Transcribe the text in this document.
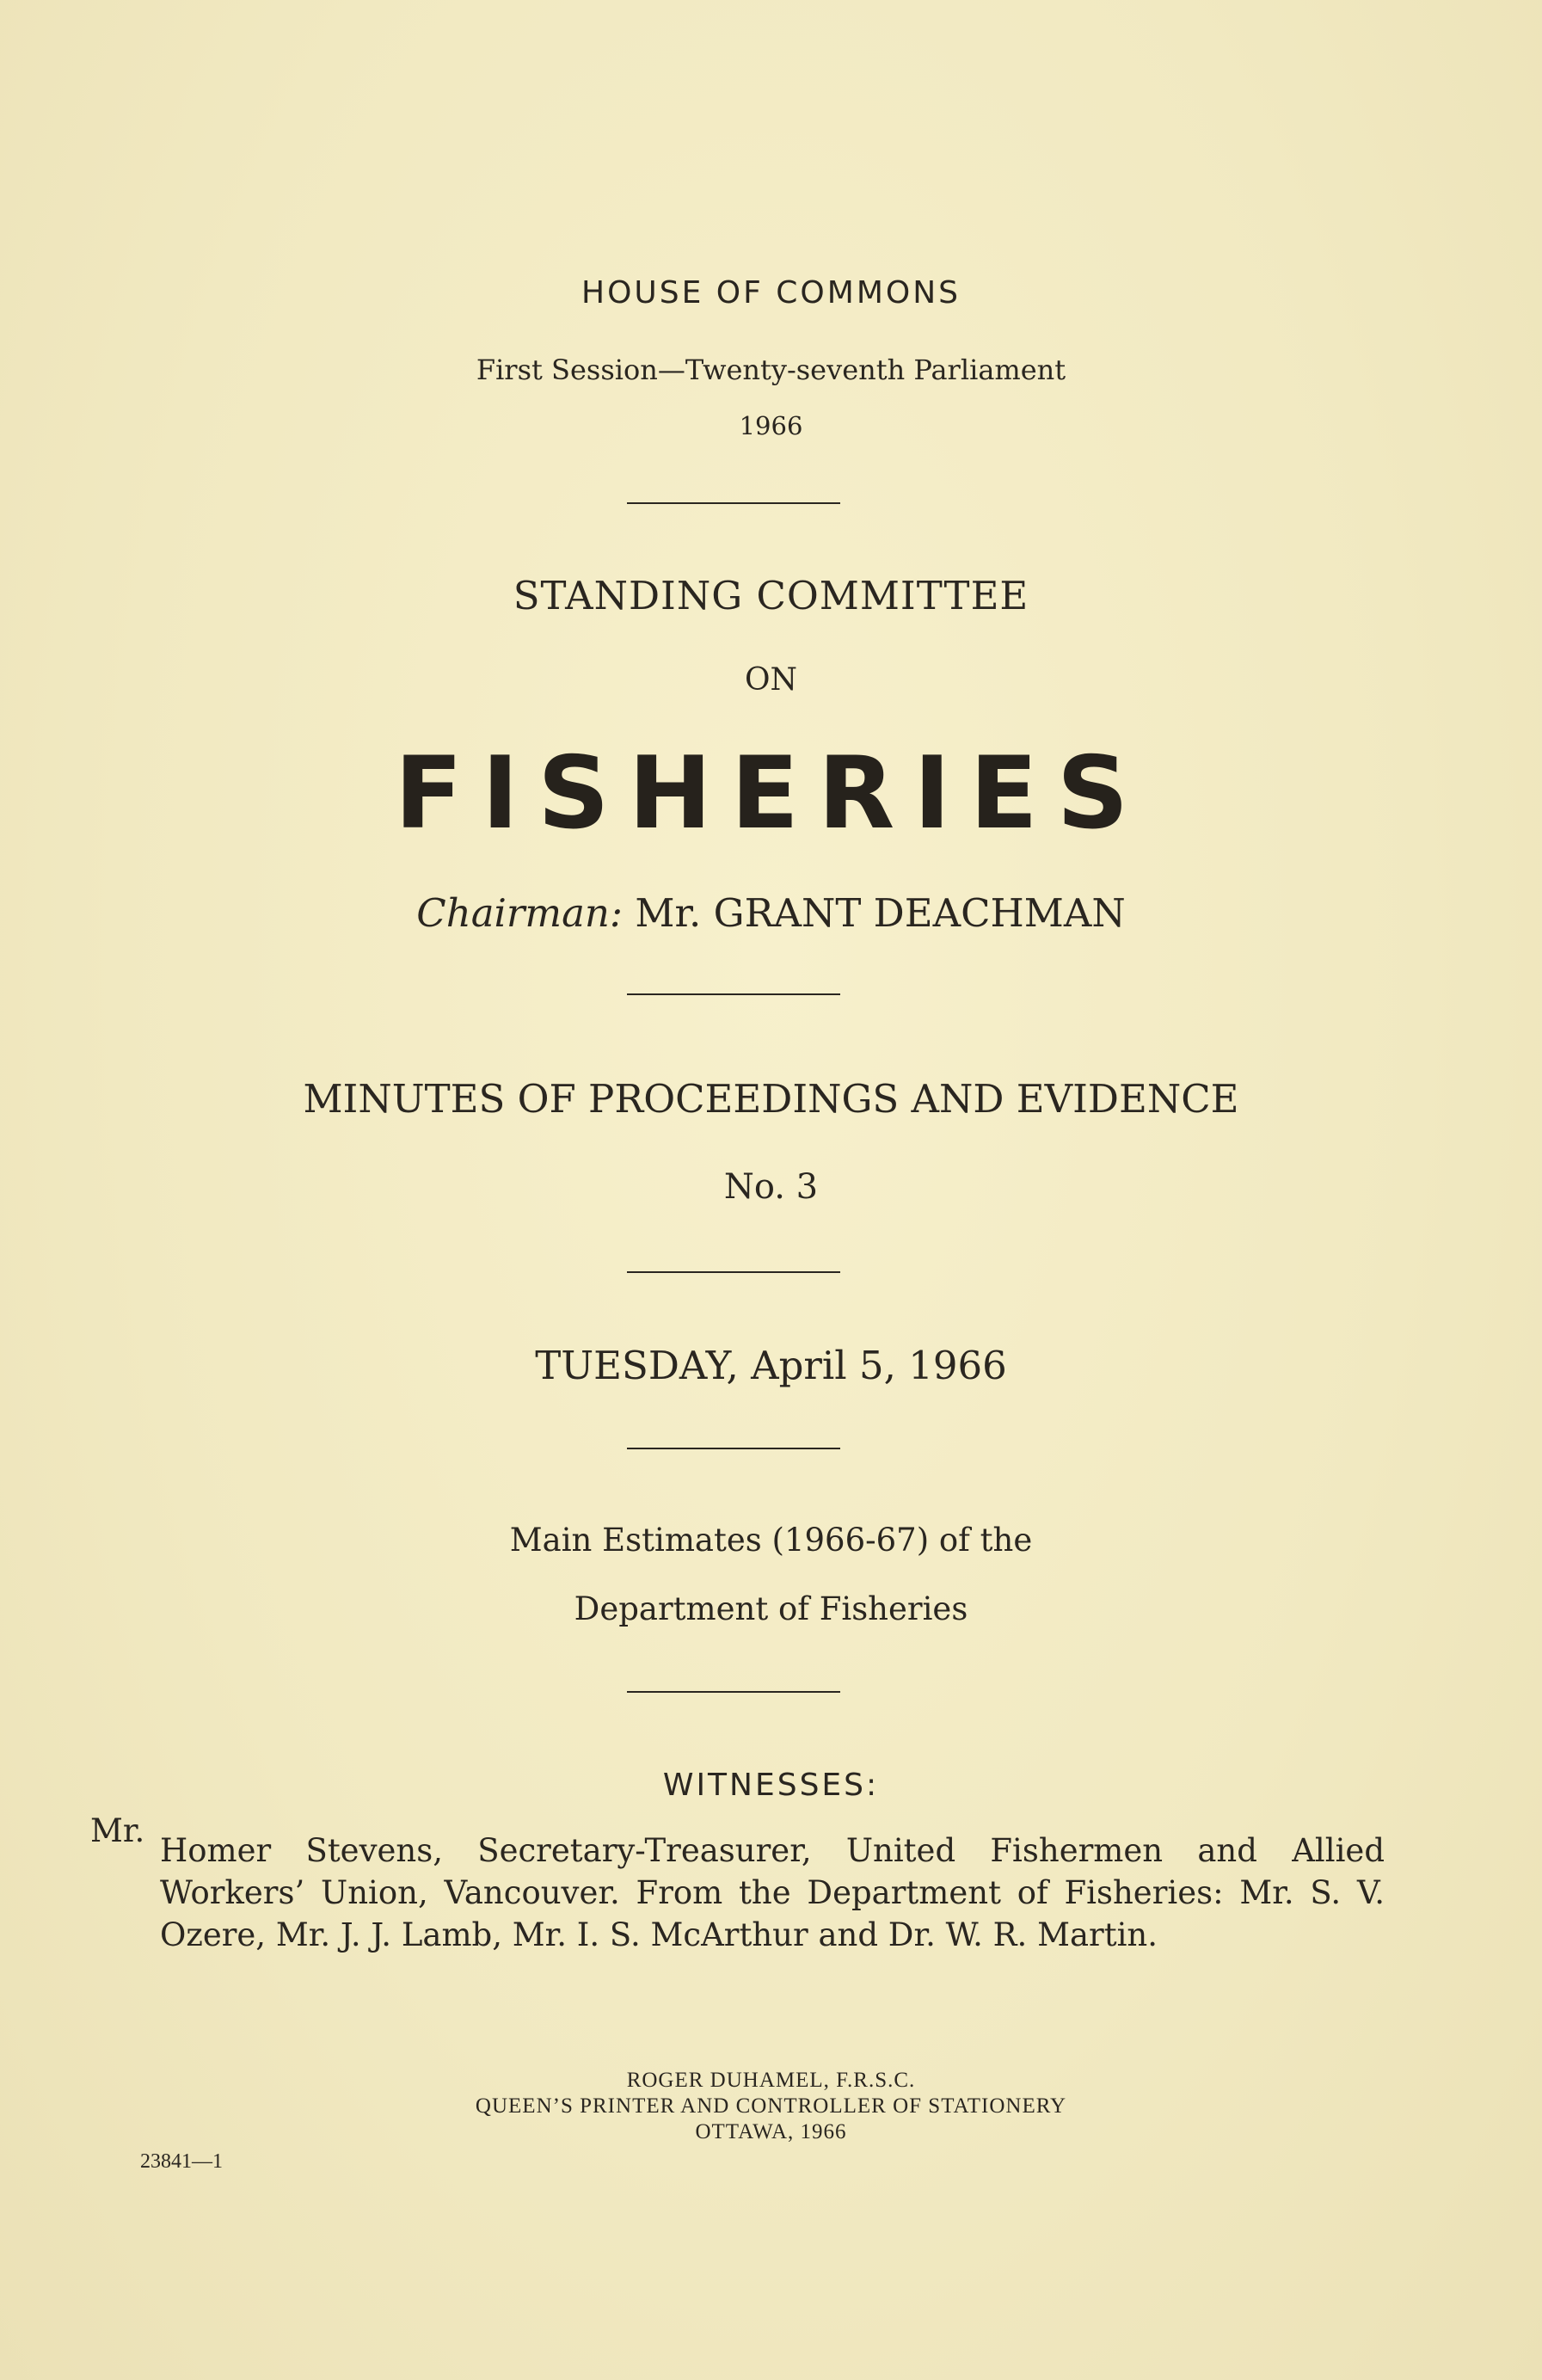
HOUSE OF COMMONS
First Session—Twenty-seventh Parliament
1966
STANDING COMMITTEE
ON
FISHERIES
Chairman: Mr. GRANT DEACHMAN
MINUTES OF PROCEEDINGS AND EVIDENCE
No. 3
TUESDAY, April 5, 1966
Main Estimates (1966-67) of the
Department of Fisheries
WITNESSES:
Mr.
Homer Stevens, Secretary-Treasurer, United Fishermen and Allied Workers’ Union, Vancouver. From the Department of Fisheries: Mr. S. V. Ozere, Mr. J. J. Lamb, Mr. I. S. McArthur and Dr. W. R. Martin.
ROGER DUHAMEL, F.R.S.C.
QUEEN’S PRINTER AND CONTROLLER OF STATIONERY
OTTAWA, 1966
23841—1
